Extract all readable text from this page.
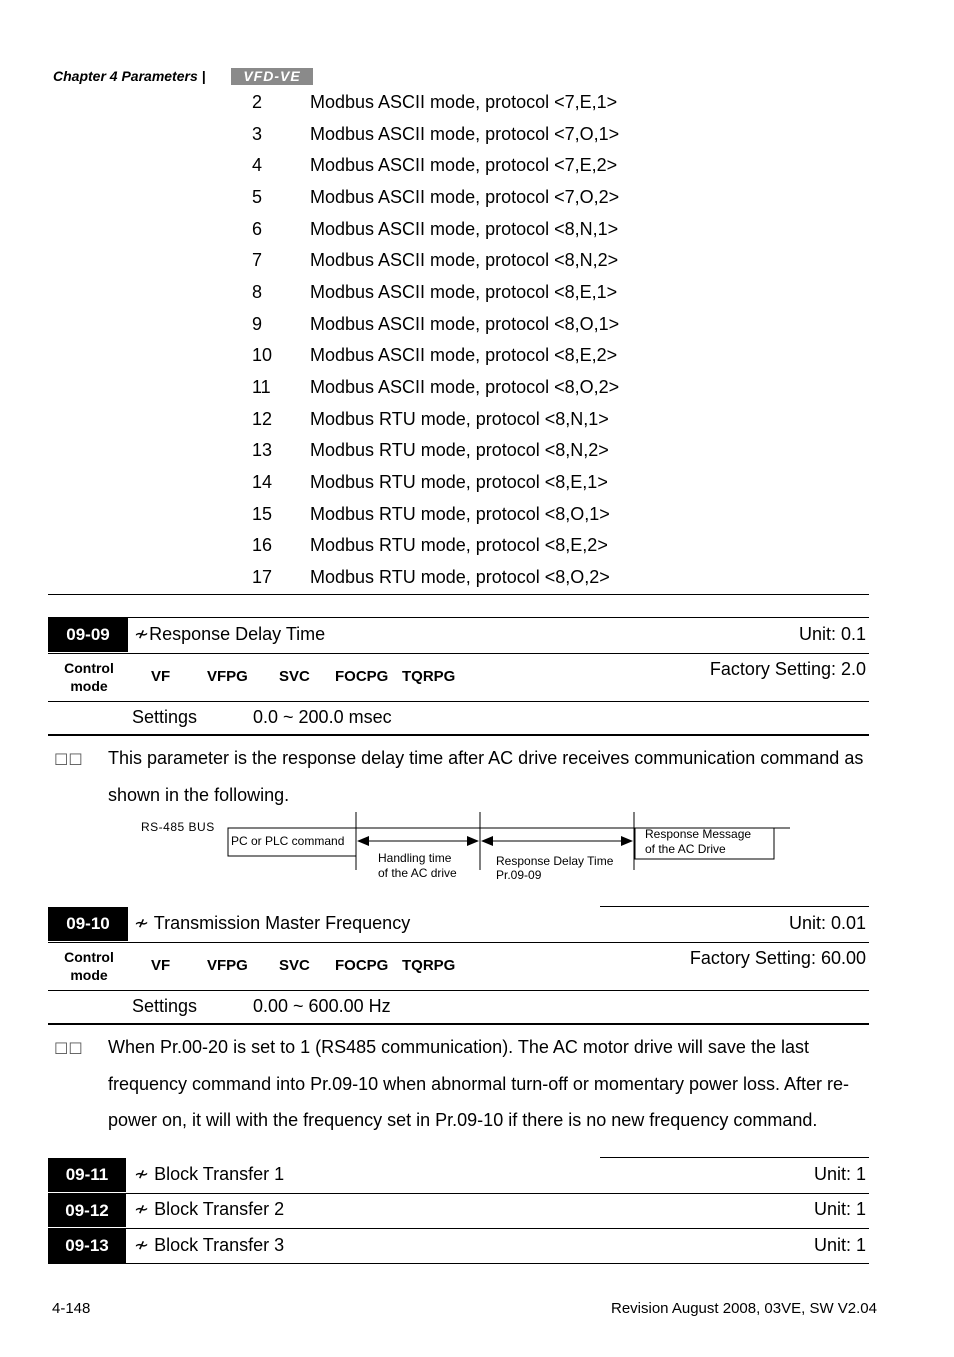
Chapter 4 Parameters |	VFD-VE
2	Modbus ASCII mode, protocol <7,E,1>
3	Modbus ASCII mode, protocol <7,O,1>
4	Modbus ASCII mode, protocol <7,E,2>
5	Modbus ASCII mode, protocol <7,O,2>
6	Modbus ASCII mode, protocol <8,N,1>
7	Modbus ASCII mode, protocol <8,N,2>
8	Modbus ASCII mode, protocol <8,E,1>
9	Modbus ASCII mode, protocol <8,O,1>
10	Modbus ASCII mode, protocol <8,E,2>
11	Modbus ASCII mode, protocol <8,O,2>
12	Modbus RTU mode, protocol <8,N,1>
13	Modbus RTU mode, protocol <8,N,2>
14	Modbus RTU mode, protocol <8,E,1>
15	Modbus RTU mode, protocol <8,O,1>
16	Modbus RTU mode, protocol <8,E,2>
17	Modbus RTU mode, protocol <8,O,2>
09-09	≁Response Delay Time	Unit: 0.1
Control
mode
VF VFPG SVC FOCPG TQRPG	Factory Setting: 2.0
Settings	0.0 ~ 200.0 msec
☐☐ This parameter is the response delay time after AC drive receives communication command as shown in the following.
RS-485 BUS
PC or PLC command
Handling time
of the AC drive
Response Delay Time
Pr.09-09
Response Message
of the AC Drive
09-10	≁ Transmission Master Frequency	Unit: 0.01
Control
mode
VF VFPG SVC FOCPG TQRPG	Factory Setting: 60.00
Settings	0.00 ~ 600.00 Hz
☐☐ When Pr.00-20 is set to 1 (RS485 communication). The AC motor drive will save the last frequency command into Pr.09-10 when abnormal turn-off or momentary power loss. After re-power on, it will with the frequency set in Pr.09-10 if there is no new frequency command.
09-11	≁ Block Transfer 1	Unit: 1
09-12	≁ Block Transfer 2	Unit: 1
09-13	≁ Block Transfer 3	Unit: 1
4-148	Revision August 2008, 03VE, SW V2.04
